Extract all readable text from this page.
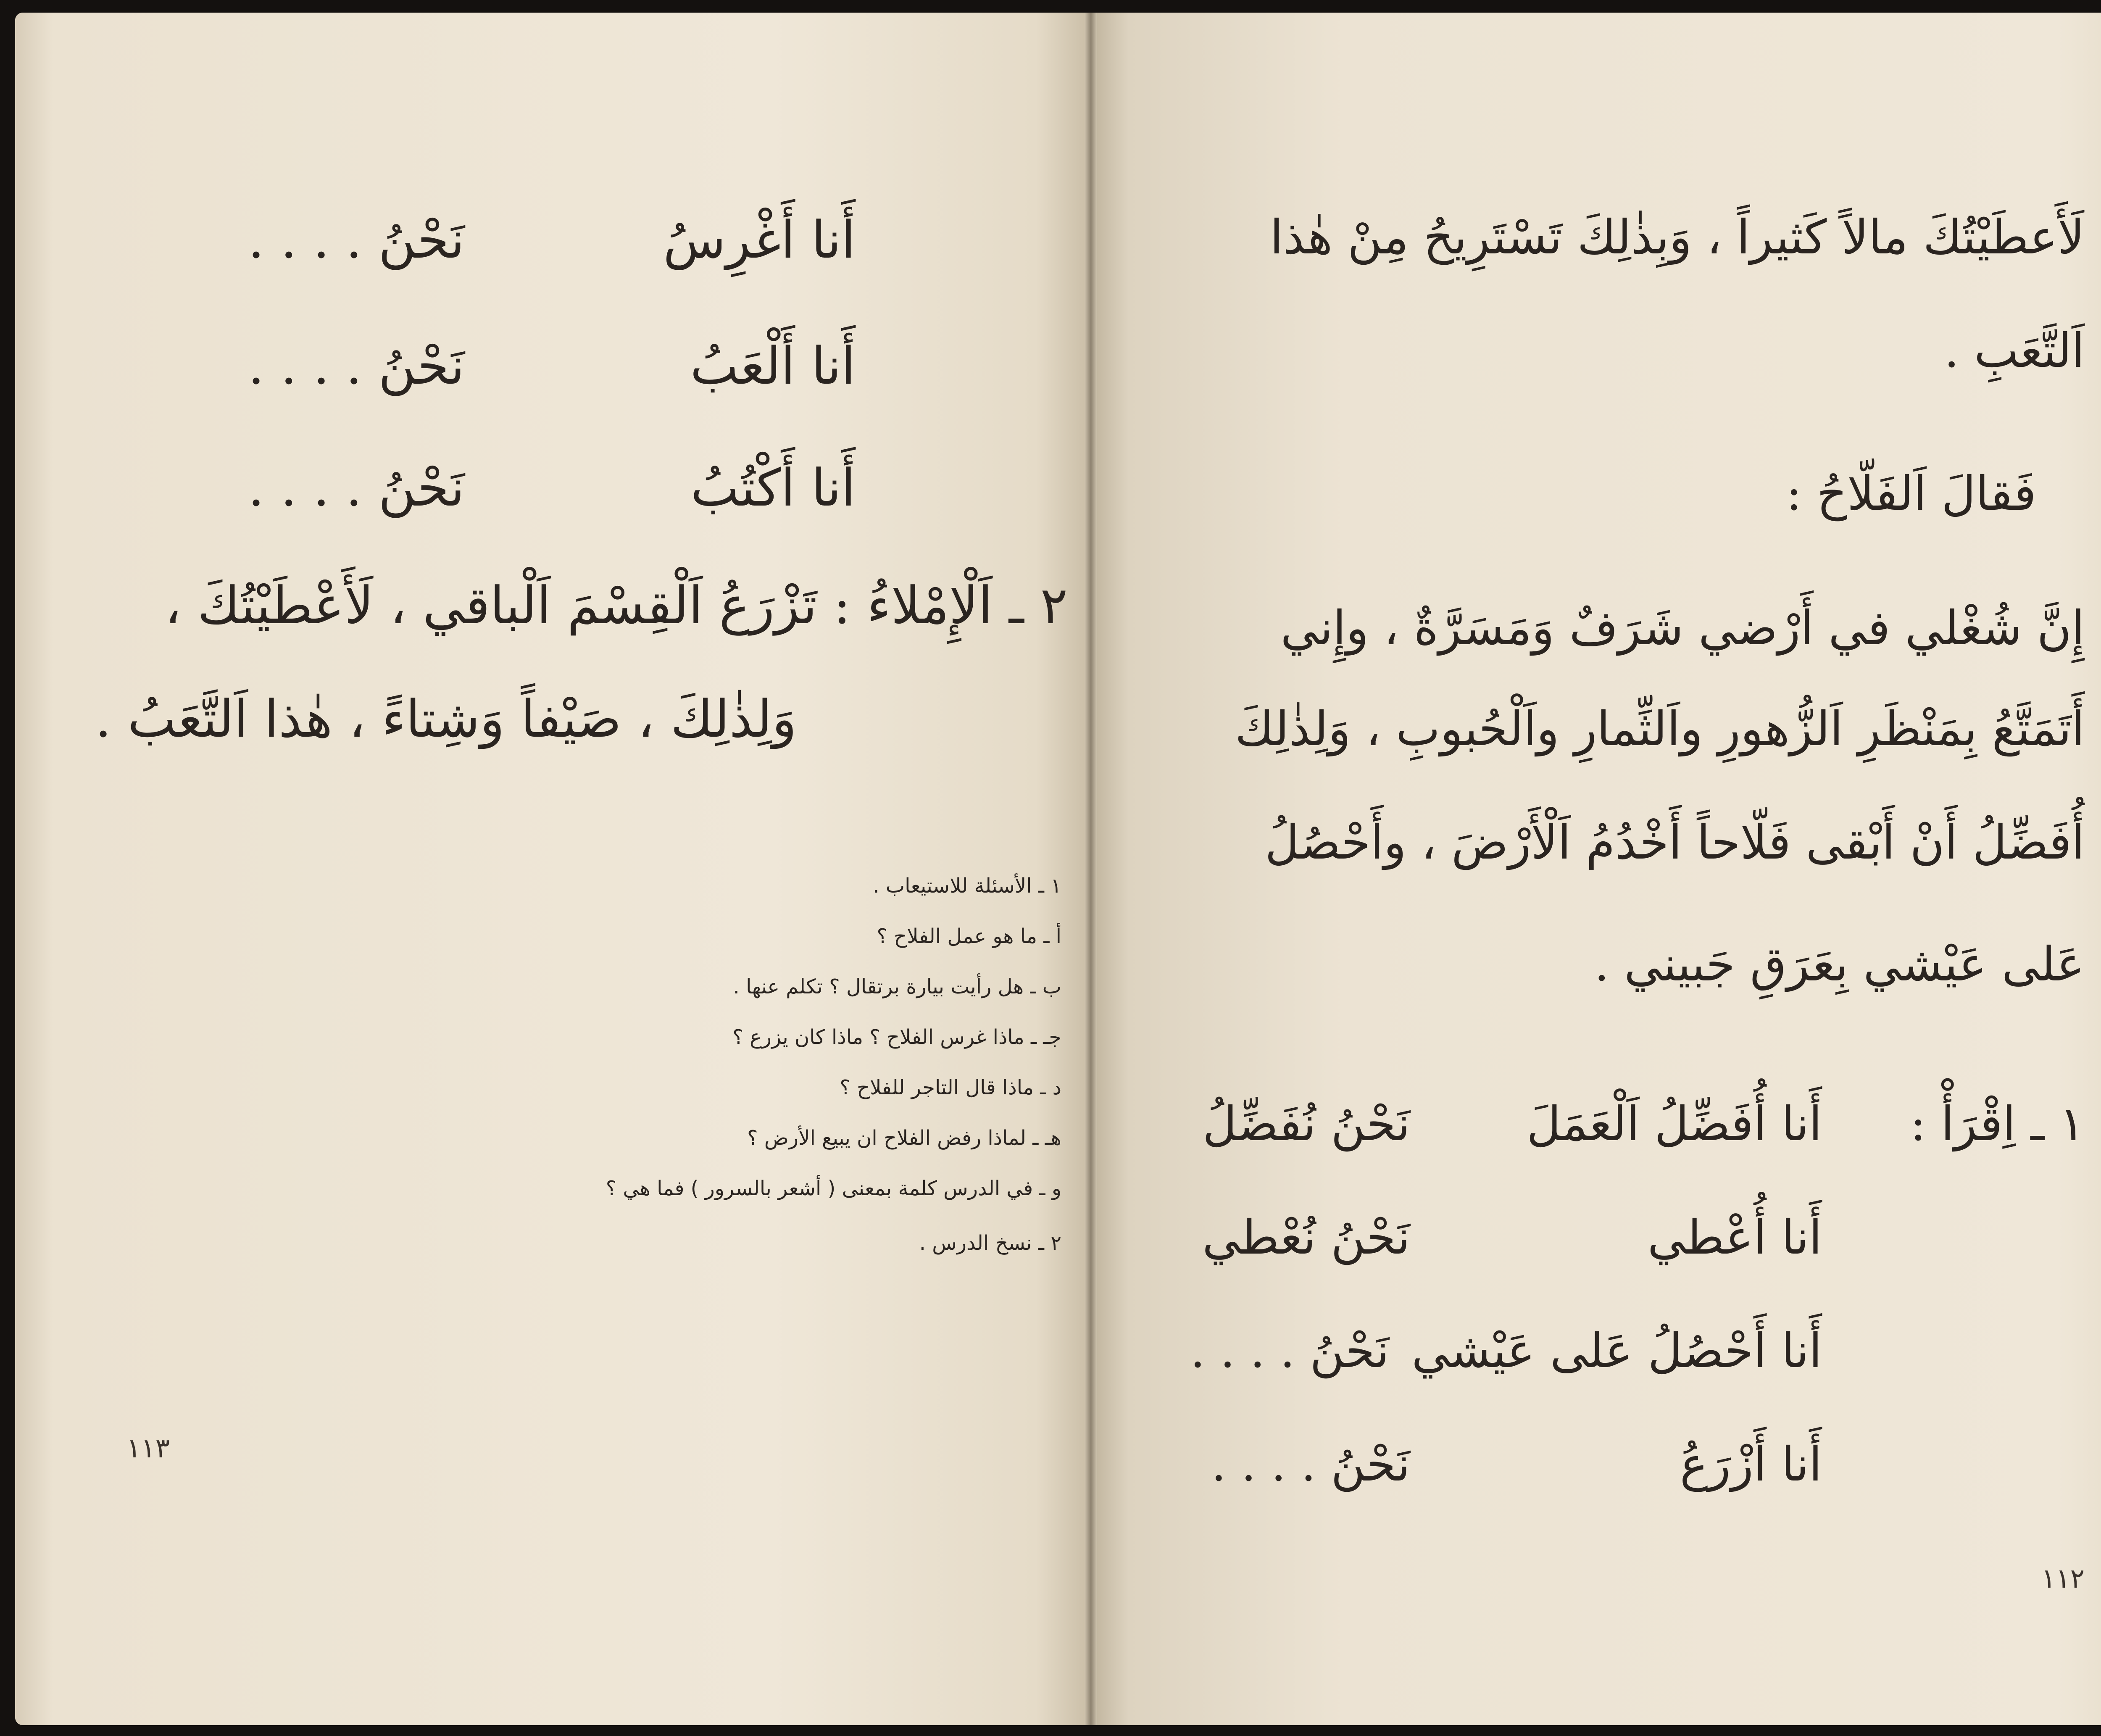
أَنا أَغْرِسُ
نَحْنُ . . . .
أَنا أَلْعَبُ
نَحْنُ . . . .
أَنا أَكْتُبُ
نَحْنُ . . . .
٢ ـ اَلْإِمْلاءُ : تَزْرَعُ اَلْقِسْمَ اَلْباقي ، لَأَعْطَيْتُكَ ،
وَلِذٰلِكَ ، صَيْفاً وَشِتاءً ، هٰذا اَلتَّعَبُ .
١ ـ الأسئلة للاستيعاب .
أ ـ ما هو عمل الفلاح ؟
ب ـ هل رأيت بيارة برتقال ؟ تكلم عنها .
جـ ـ ماذا غرس الفلاح ؟ ماذا كان يزرع ؟
د ـ ماذا قال التاجر للفلاح ؟
هـ ـ لماذا رفض الفلاح ان يبيع الأرض ؟
و ـ في الدرس كلمة بمعنى ( أشعر بالسرور ) فما هي ؟
٢ ـ نسخ الدرس .
١١٣
لَأَعطَيْتُكَ مالاً كَثيراً ، وَبِذٰلِكَ تَسْتَرِيحُ مِنْ هٰذا
اَلتَّعَبِ .
فَقالَ اَلفَلّاحُ :
إِنَّ شُغْلي في أَرْضي شَرَفٌ وَمَسَرَّةٌ ، وإِني
أَتَمَتَّعُ بِمَنْظَرِ اَلزُّهورِ واَلثِّمارِ واَلْحُبوبِ ، وَلِذٰلِكَ
أُفَضِّلُ أَنْ أَبْقى فَلّاحاً أَخْدُمُ اَلْأَرْضَ ، وأَحْصُلُ
عَلى عَيْشي بِعَرَقِ جَبيني .
١ ـ اِقْرَأْ :
أَنا أُفَضِّلُ اَلْعَمَلَ
نَحْنُ نُفَضِّلُ
أَنا أُعْطي
نَحْنُ نُعْطي
أَنا أَحْصُلُ عَلى عَيْشي
نَحْنُ . . . .
أَنا أَزْرَعُ
نَحْنُ . . . .
١١٢
